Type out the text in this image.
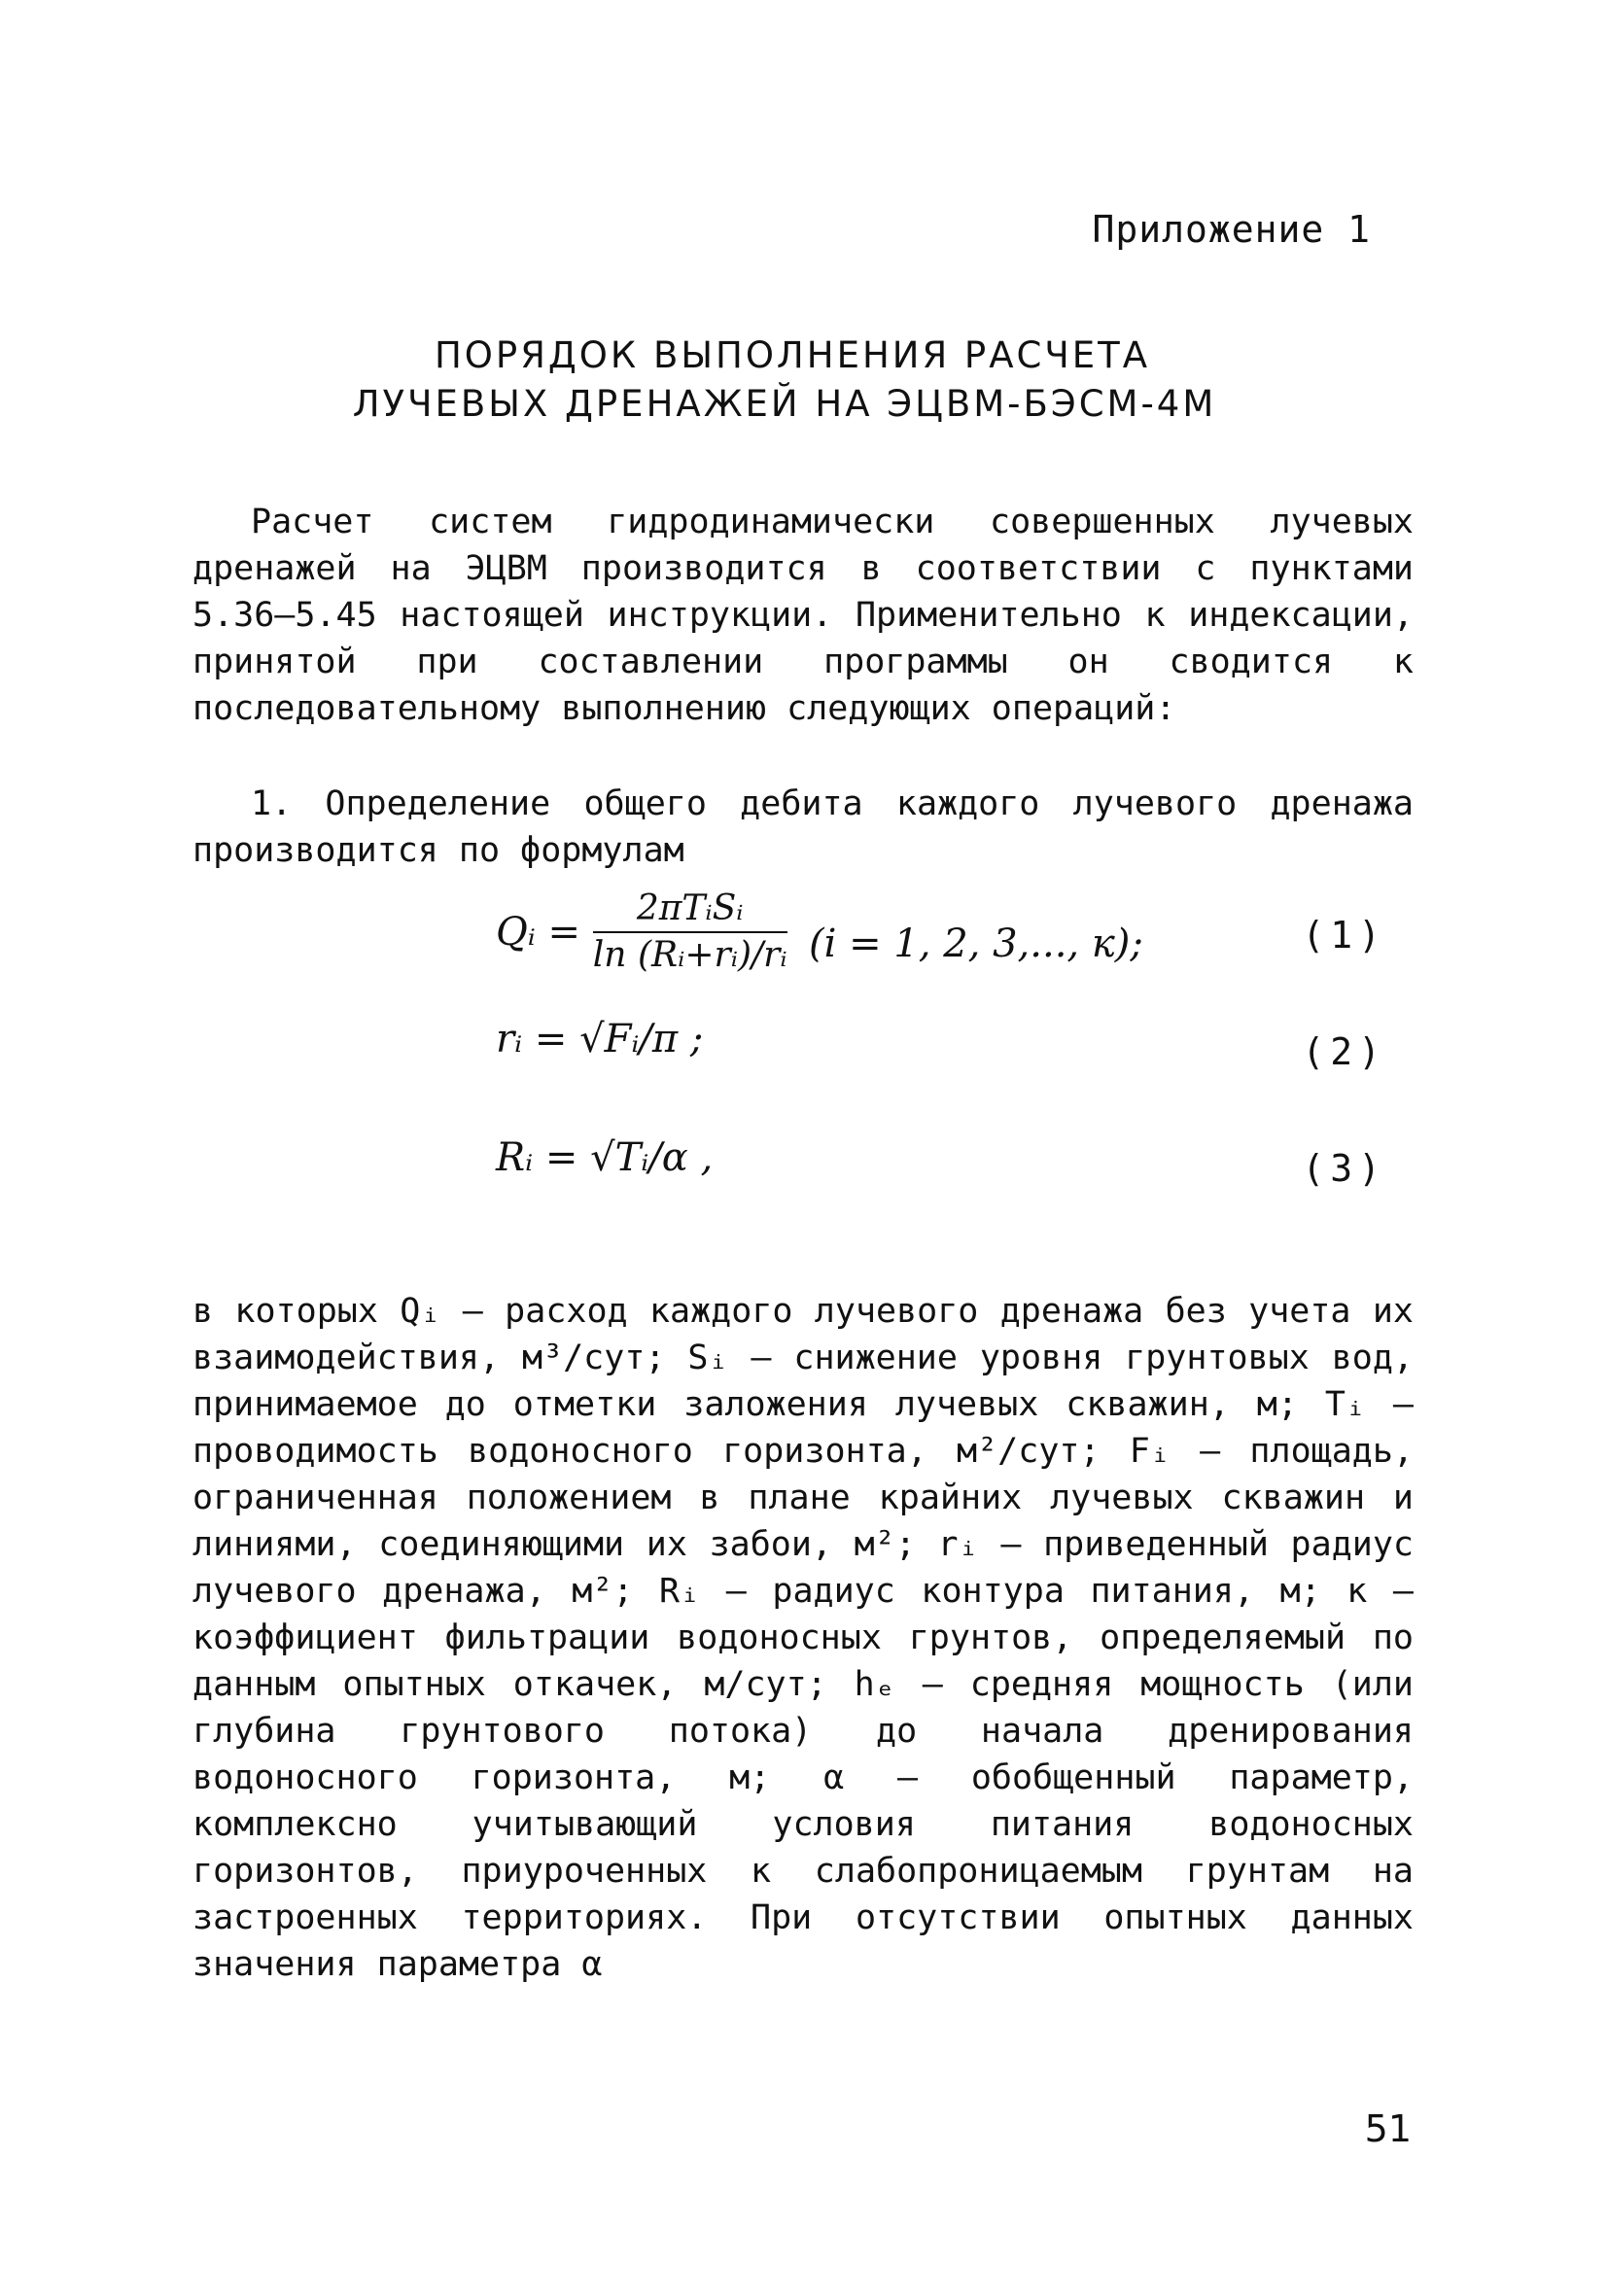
Приложение 1
ПОРЯДОК ВЫПОЛНЕНИЯ РАСЧЕТА
ЛУЧЕВЫХ ДРЕНАЖЕЙ НА ЭЦВМ-БЭСМ-4М

Расчет систем гидродинамически совершенных лучевых дренажей на ЭЦВМ производится в соответствии с пунктами 5.36–5.45 настоящей инструкции. Применительно к индексации, принятой при составлении программы он сводится к последовательному выполнению следующих операций:

1. Определение общего дебита каждого лучевого дренажа производится по формулам

Qᵢ = $\frac{\text{2πTᵢSᵢ}}{\text{ln (Rᵢ+rᵢ)/rᵢ}} (i = 1$, 2, 3,..., к);	(1)
rᵢ = √Fᵢ/π ;	(2)
Rᵢ = √Tᵢ/α ,	(3)

в которых Qᵢ – расход каждого лучевого дренажа без учета их взаимодействия, м³/сут; Sᵢ – снижение уровня грунтовых вод, принимаемое до отметки заложения лучевых скважин, м; Tᵢ – проводимость водоносного горизонта, м²/сут; Fᵢ – площадь, ограниченная положением в плане крайних лучевых скважин и линиями, соединяющими их забои, м²; rᵢ – приведенный радиус лучевого дренажа, м²; Rᵢ – радиус контура питания, м; к – коэффициент фильтрации водоносных грунтов, определяемый по данным опытных откачек, м/сут; hₑ – средняя мощность (или глубина грунтового потока) до начала дренирования водоносного горизонта, м; α – обобщенный параметр, комплексно учитывающий условия питания водоносных горизонтов, приуроченных к слабопроницаемым грунтам на застроенных территориях. При отсутствии опытных данных значения параметра α

51
